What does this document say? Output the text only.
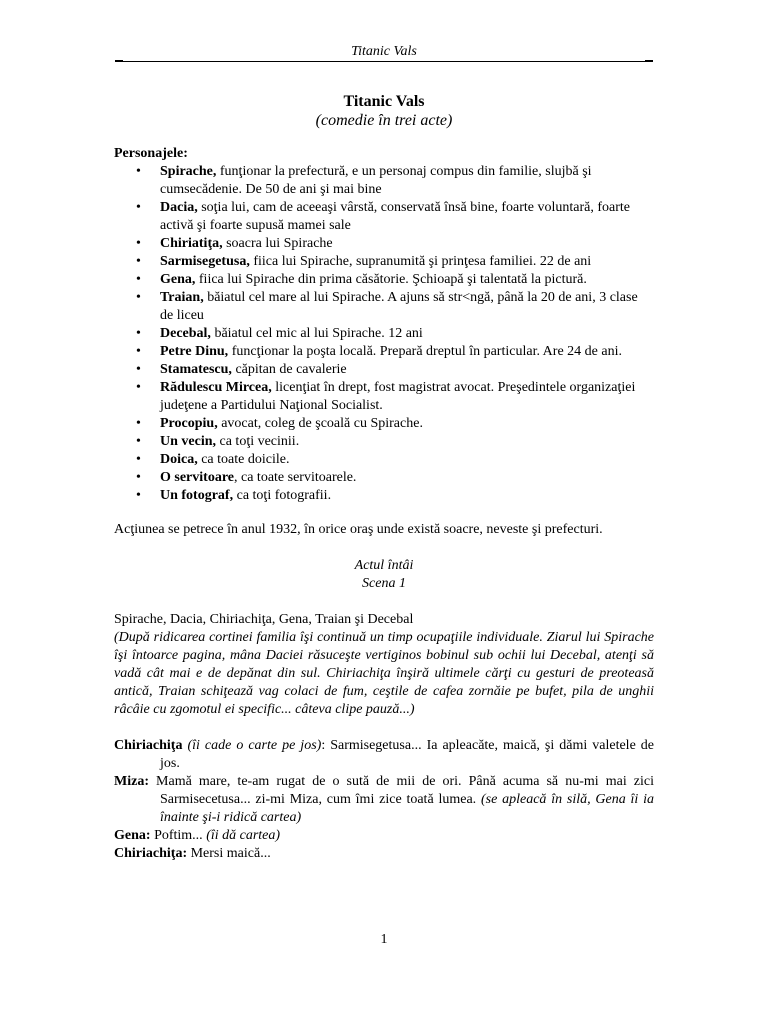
Titanic Vals
Titanic Vals
(comedie în trei acte)
Personajele:
• Spirache, funţionar la prefectură, e un personaj compus din familie, slujbă şi cumsecădenie. De 50 de ani şi mai bine
• Dacia, soţia lui, cam de aceeaşi vârstă, conservată însă bine, foarte voluntară, foarte activă şi foarte supusă mamei sale
• Chiriatiţa, soacra lui Spirache
• Sarmisegetusa, fiica lui Spirache, supranumită şi prinţesa familiei. 22 de ani
• Gena, fiica lui Spirache din prima căsătorie. Şchioapă şi talentată la pictură.
• Traian, băiatul cel mare al lui Spirache. A ajuns să str<ngă, până la 20 de ani, 3 clase de liceu
• Decebal, băiatul cel mic al lui Spirache. 12 ani
• Petre Dinu, funcţionar la poşta locală. Prepară dreptul în particular. Are 24 de ani.
• Stamatescu, căpitan de cavalerie
• Rădulescu Mircea, licenţiat în drept, fost magistrat avocat. Preşedintele organizaţiei judeţene a Partidului Naţional Socialist.
• Procopiu, avocat, coleg de şcoală cu Spirache.
• Un vecin, ca toţi vecinii.
• Doica, ca toate doicile.
• O servitoare, ca toate servitoarele.
• Un fotograf, ca toţi fotografii.
Acţiunea se petrece în anul 1932, în orice oraş unde există soacre, neveste şi prefecturi.
Actul întâi
Scena 1
Spirache, Dacia, Chiriachiţa, Gena, Traian şi Decebal
(După ridicarea cortinei familia îşi continuă un timp ocupaţiile individuale. Ziarul lui Spirache îşi întoarce pagina, mâna Daciei răsuceşte vertiginos bobinul sub ochii lui Decebal, atenţi să vadă cât mai e de depănat din sul. Chiriachiţa înşiră ultimele cărţi cu gesturi de preoteasă antică, Traian schiţează vag colaci de fum, ceştile de cafea zornăie pe bufet, pila de unghii râcâie cu zgomotul ei specific... câteva clipe pauză...)
Chiriachiţa (îi cade o carte pe jos): Sarmisegetusa... Ia apleacăte, maică, şi dămi valetele de jos.
Miza: Mamă mare, te-am rugat de o sută de mii de ori. Până acuma să nu-mi mai zici Sarmisecetusa... zi-mi Miza, cum îmi zice toată lumea. (se apleacă în silă, Gena îi ia înainte şi-i ridică cartea)
Gena: Poftim... (îi dă cartea)
Chiriachiţa: Mersi maică...
1
